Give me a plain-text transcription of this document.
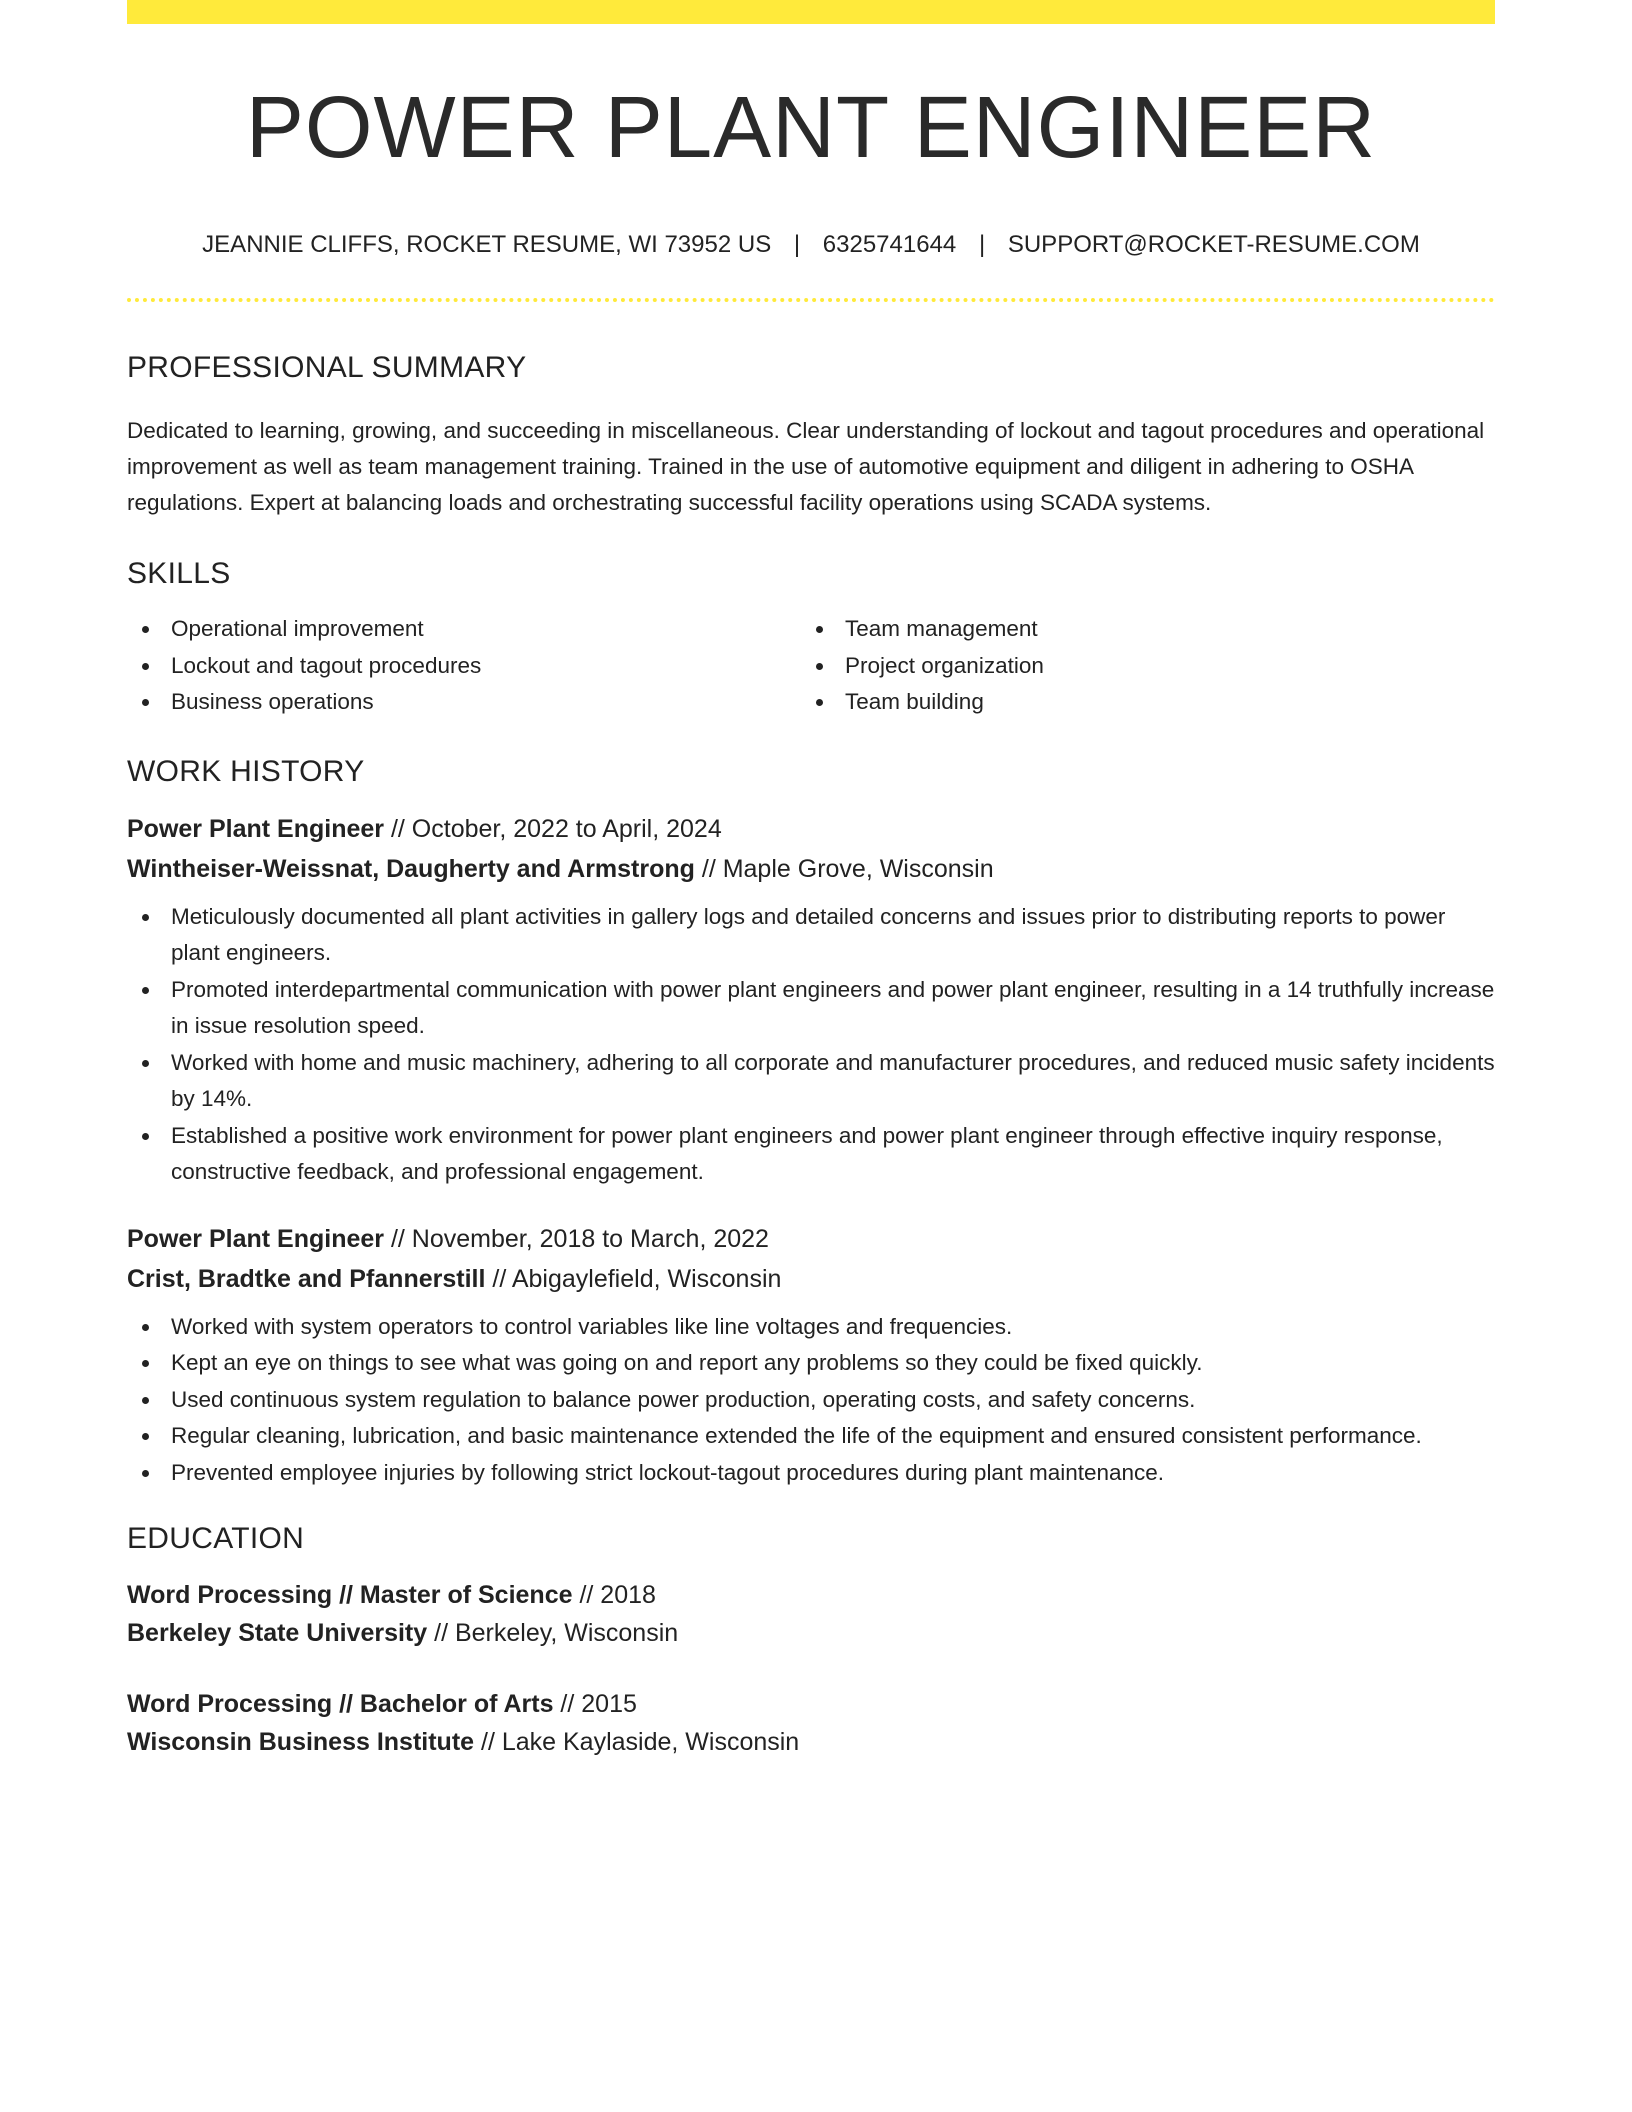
POWER PLANT ENGINEER
JEANNIE CLIFFS, ROCKET RESUME, WI 73952 US | 6325741644 | SUPPORT@ROCKET-RESUME.COM
PROFESSIONAL SUMMARY
Dedicated to learning, growing, and succeeding in miscellaneous. Clear understanding of lockout and tagout procedures and operational improvement as well as team management training. Trained in the use of automotive equipment and diligent in adhering to OSHA regulations. Expert at balancing loads and orchestrating successful facility operations using SCADA systems.
SKILLS
Operational improvement
Lockout and tagout procedures
Business operations
Team management
Project organization
Team building
WORK HISTORY
Power Plant Engineer // October, 2022 to April, 2024
Wintheiser-Weissnat, Daugherty and Armstrong // Maple Grove, Wisconsin
Meticulously documented all plant activities in gallery logs and detailed concerns and issues prior to distributing reports to power plant engineers.
Promoted interdepartmental communication with power plant engineers and power plant engineer, resulting in a 14 truthfully increase in issue resolution speed.
Worked with home and music machinery, adhering to all corporate and manufacturer procedures, and reduced music safety incidents by 14%.
Established a positive work environment for power plant engineers and power plant engineer through effective inquiry response, constructive feedback, and professional engagement.
Power Plant Engineer // November, 2018 to March, 2022
Crist, Bradtke and Pfannerstill // Abigaylefield, Wisconsin
Worked with system operators to control variables like line voltages and frequencies.
Kept an eye on things to see what was going on and report any problems so they could be fixed quickly.
Used continuous system regulation to balance power production, operating costs, and safety concerns.
Regular cleaning, lubrication, and basic maintenance extended the life of the equipment and ensured consistent performance.
Prevented employee injuries by following strict lockout-tagout procedures during plant maintenance.
EDUCATION
Word Processing // Master of Science // 2018
Berkeley State University // Berkeley, Wisconsin
Word Processing // Bachelor of Arts // 2015
Wisconsin Business Institute // Lake Kaylaside, Wisconsin
